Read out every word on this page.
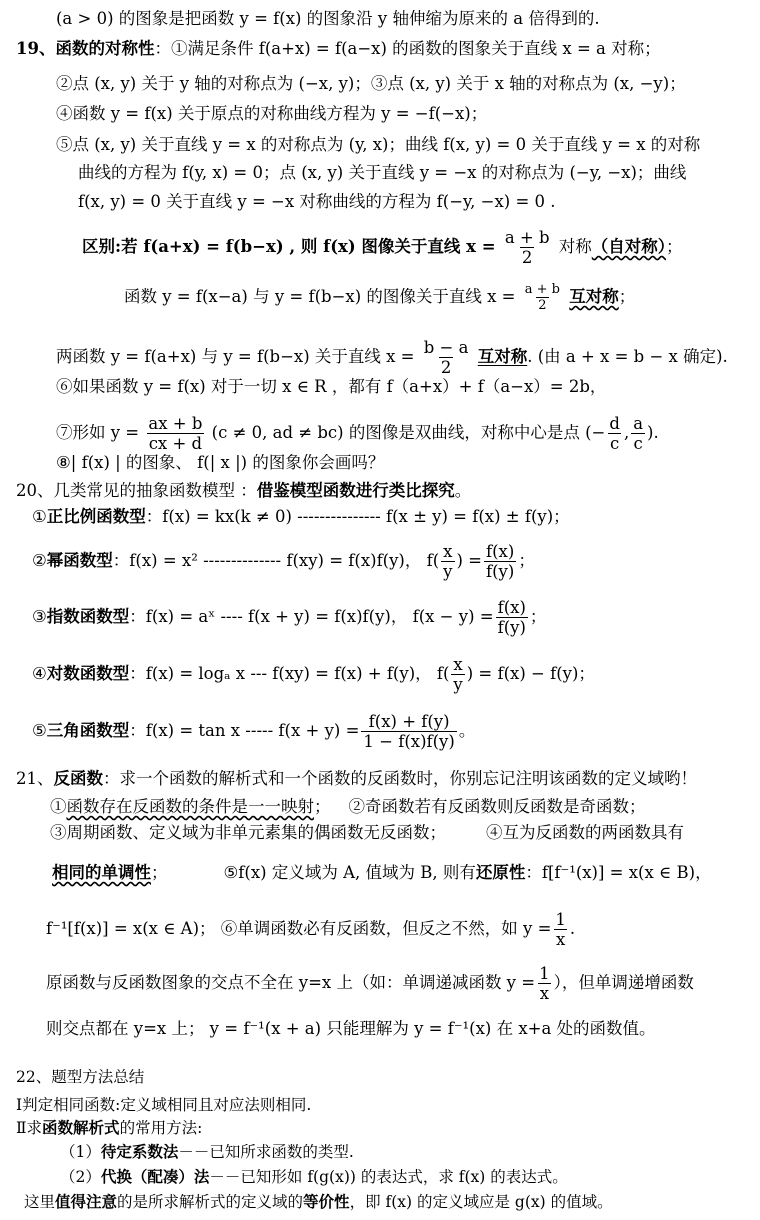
(a > 0) 的图象是把函数 y = f(x) 的图象沿 y 轴伸缩为原来的 a 倍得到的.
19、函数的对称性：①满足条件 f(a+x) = f(a−x) 的函数的图象关于直线 x = a 对称；
②点 (x, y) 关于 y 轴的对称点为 (−x, y)；③点 (x, y) 关于 x 轴的对称点为 (x, −y)；
④函数 y = f(x) 关于原点的对称曲线方程为 y = −f(−x)；
⑤点 (x, y) 关于直线 y = x 的对称点为 (y, x)；曲线 f(x, y) = 0 关于直线 y = x 的对称
曲线的方程为 f(y, x) = 0；点 (x, y) 关于直线 y = −x 的对称点为 (−y, −x)；曲线
f(x, y) = 0 关于直线 y = −x 对称曲线的方程为 f(−y, −x) = 0 .
区别:若 f(a+x) = f(b−x) , 则 f(x) 图像关于直线 $x = \frac{a + b}{2}$ 对称（自对称）；
函数 y = f(x−a) 与 y = f(b−x) 的图像关于直线 $x = \frac{a + b}{2}$ 互对称；
两函数 y = f(a+x) 与 y = f(b−x) 关于直线 $x = \frac{b - a}{2}$ 互对称. (由 a + x = b − x 确定).
⑥如果函数 y = f(x) 对于一切 x ∈ R ，都有 f（a+x）+ f（a−x）= 2b，
⑦形如 $y = \frac{ax + b}{cx + d} (c \ne 0$, ad ≠ bc) 的图像是双曲线，对称中心是点 (− $\frac{d}{c}$ , $\frac{a}{c}$ ).
⑧| f(x) | 的图象、 f(| x |) 的图象你会画吗？
20、几类常见的抽象函数模型 ：借鉴模型函数进行类比探究。
①正比例函数型：f(x) = kx(k ≠ 0) --------------- f(x ± y) = f(x) ± f(y)；
②幂函数型：f(x) = x² -------------- f(xy) = f(x)f(y)， $f( \frac{x}{y}$ ) = $\frac{f(x)}{f(y)}$ ；
③指数函数型：f(x) = aˣ ---- f(x + y) = f(x)f(y)， $f(x - y) = \frac{f(x)}{f(y)}$ ；
④对数函数型：f(x) = logₐ x --- f(xy) = f(x) + f(y)， $f( \frac{x}{y}$ ) = f(x) − f(y)；
⑤三角函数型：f(x) = tan x ----- $f(x + y) = \frac{f(x) + f(y)}{1 - f(x)f(y)}$ 。
21、反函数：求一个函数的解析式和一个函数的反函数时，你别忘记注明该函数的定义域哟！
①函数存在反函数的条件是一一映射； ②奇函数若有反函数则反函数是奇函数；
③周期函数、定义域为非单元素集的偶函数无反函数； ④互为反函数的两函数具有
相同的单调性；	⑤f(x) 定义域为 A, 值域为 B, 则有还原性：f[f⁻¹(x)] = x(x ∈ B)，
f⁻¹[f(x)] = x(x ∈ A)； ⑥单调函数必有反函数，但反之不然，如 $y = \frac{1}{x}$ .
原函数与反函数图象的交点不全在 y=x 上（如：单调递减函数 $y = \frac{1}{x}$ ），但单调递增函数
则交点都在 y=x 上； y = f⁻¹(x + a) 只能理解为 y = f⁻¹(x) 在 x+a 处的函数值。
22、题型方法总结
Ⅰ判定相同函数:定义域相同且对应法则相同.
Ⅱ求函数解析式的常用方法:
（1）待定系数法－－已知所求函数的类型.
（2）代换（配凑）法－－已知形如 f(g(x)) 的表达式，求 f(x) 的表达式。
这里值得注意的是所求解析式的定义域的等价性，即 f(x) 的定义域应是 g(x) 的值域。
